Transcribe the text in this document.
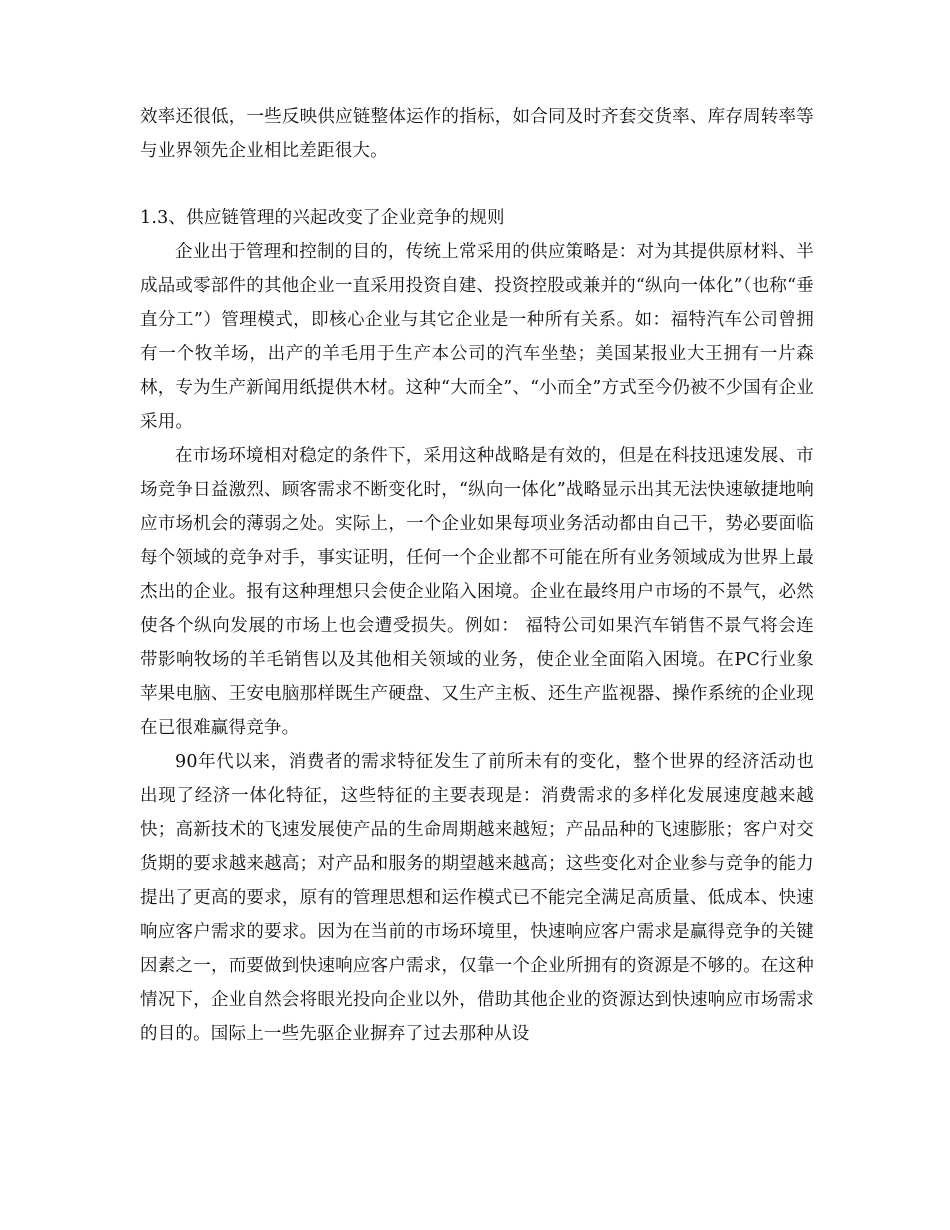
效率还很低，一些反映供应链整体运作的指标，如合同及时齐套交货率、库存周转率等与业界领先企业相比差距很大。

1.3、供应链管理的兴起改变了企业竞争的规则

企业出于管理和控制的目的，传统上常采用的供应策略是：对为其提供原材料、半成品或零部件的其他企业一直采用投资自建、投资控股或兼并的“纵向一体化”（也称“垂直分工”）管理模式，即核心企业与其它企业是一种所有关系。如：福特汽车公司曾拥有一个牧羊场，出产的羊毛用于生产本公司的汽车坐垫；美国某报业大王拥有一片森林，专为生产新闻用纸提供木材。这种“大而全”、“小而全”方式至今仍被不少国有企业采用。

在市场环境相对稳定的条件下，采用这种战略是有效的，但是在科技迅速发展、市场竞争日益激烈、顾客需求不断变化时，“纵向一体化”战略显示出其无法快速敏捷地响应市场机会的薄弱之处。实际上，一个企业如果每项业务活动都由自己干，势必要面临每个领域的竞争对手，事实证明，任何一个企业都不可能在所有业务领域成为世界上最杰出的企业。报有这种理想只会使企业陷入困境。企业在最终用户市场的不景气，必然使各个纵向发展的市场上也会遭受损失。例如： 福特公司如果汽车销售不景气将会连带影响牧场的羊毛销售以及其他相关领域的业务，使企业全面陷入困境。在PC行业象苹果电脑、王安电脑那样既生产硬盘、又生产主板、还生产监视器、操作系统的企业现在已很难赢得竞争。

90年代以来，消费者的需求特征发生了前所未有的变化，整个世界的经济活动也出现了经济一体化特征，这些特征的主要表现是：消费需求的多样化发展速度越来越快；高新技术的飞速发展使产品的生命周期越来越短；产品品种的飞速膨胀；客户对交货期的要求越来越高；对产品和服务的期望越来越高；这些变化对企业参与竞争的能力提出了更高的要求，原有的管理思想和运作模式已不能完全满足高质量、低成本、快速响应客户需求的要求。因为在当前的市场环境里，快速响应客户需求是赢得竞争的关键因素之一，而要做到快速响应客户需求，仅靠一个企业所拥有的资源是不够的。在这种情况下，企业自然会将眼光投向企业以外，借助其他企业的资源达到快速响应市场需求的目的。国际上一些先驱企业摒弃了过去那种从设
